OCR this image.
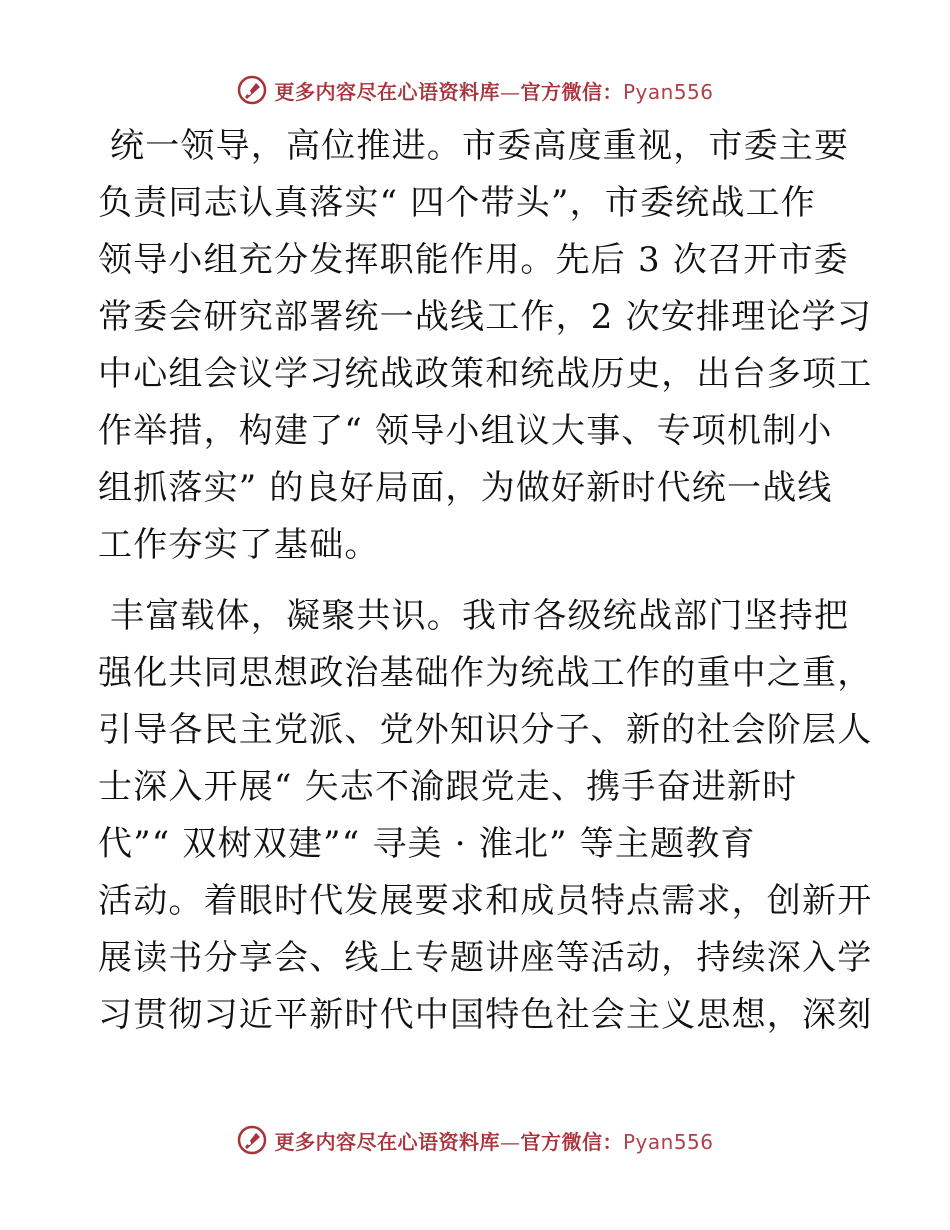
更多内容尽在心语资料库—官方微信：Pyan556
统一领导，高位推进。市委高度重视，市委主要
负责同志认真落实“ 四个带头”，市委统战工作
领导小组充分发挥职能作用。先后 3 次召开市委
常委会研究部署统一战线工作，2 次安排理论学习
中心组会议学习统战政策和统战历史，出台多项工
作举措，构建了“ 领导小组议大事、专项机制小
组抓落实” 的良好局面，为做好新时代统一战线
工作夯实了基础。
丰富载体，凝聚共识。我市各级统战部门坚持把
强化共同思想政治基础作为统战工作的重中之重，
引导各民主党派、党外知识分子、新的社会阶层人
士深入开展“ 矢志不渝跟党走、携手奋进新时
代”“ 双树双建”“ 寻美 · 淮北” 等主题教育
活动。着眼时代发展要求和成员特点需求，创新开
展读书分享会、线上专题讲座等活动，持续深入学
习贯彻习近平新时代中国特色社会主义思想，深刻
更多内容尽在心语资料库—官方微信：Pyan556
